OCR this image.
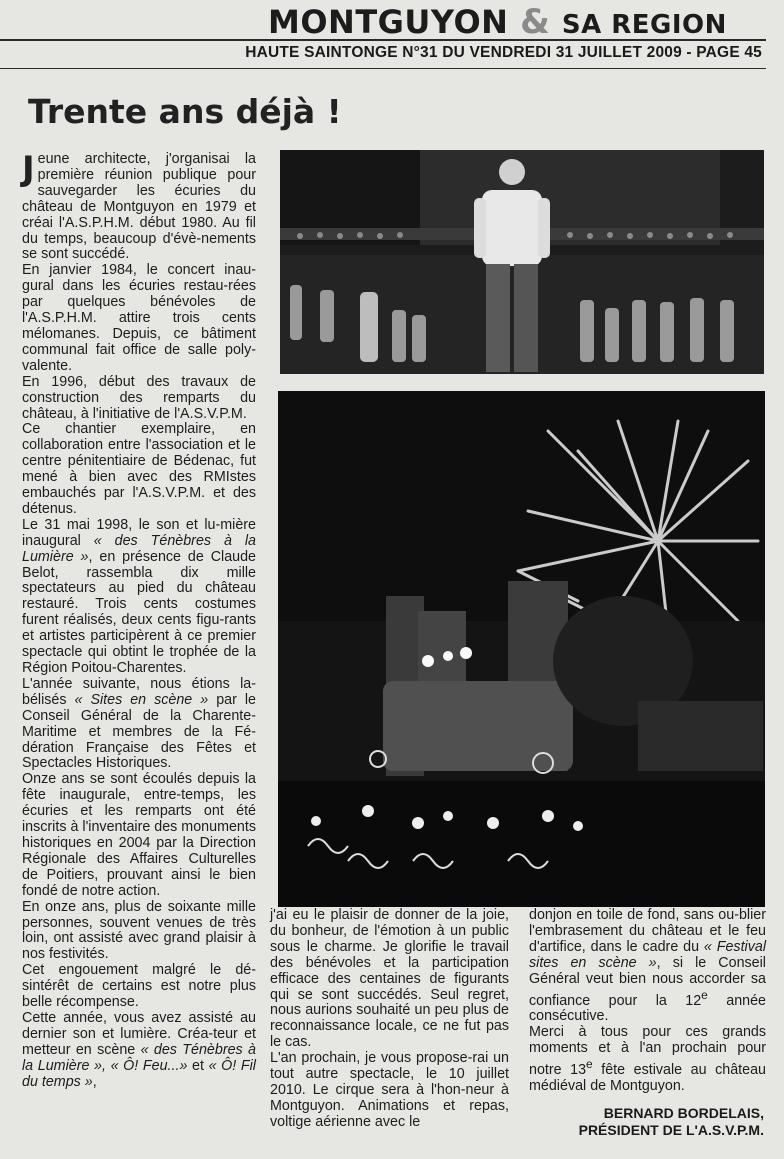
MONTGUYON & SA REGION
HAUTE SAINTONGE N°31 DU VENDREDI 31 JUILLET 2009 - PAGE 45
Trente ans déjà !

Jeune architecte, j'organisai la première réunion publique pour sauvegarder les écuries du château de Montguyon en 1979 et créai l'A.S.P.H.M. début 1980. Au fil du temps, beaucoup d'évè-nements se sont succédé.

En janvier 1984, le concert inau-gural dans les écuries restau-rées par quelques bénévoles de l'A.S.P.H.M. attire trois cents mélomanes. Depuis, ce bâtiment communal fait office de salle poly-valente.

En 1996, début des travaux de construction des remparts du château, à l'initiative de l'A.S.V.P.M.

Ce chantier exemplaire, en collaboration entre l'association et le centre pénitentiaire de Bédenac, fut mené à bien avec des RMIstes embauchés par l'A.S.V.P.M. et des détenus.

Le 31 mai 1998, le son et lu-mière inaugural « des Ténèbres à la Lumière », en présence de Claude Belot, rassembla dix mille spectateurs au pied du château restauré. Trois cents costumes furent réalisés, deux cents figu-rants et artistes participèrent à ce premier spectacle qui obtint le trophée de la Région Poitou-Charentes.

L'année suivante, nous étions la-bélisés « Sites en scène » par le Conseil Général de la Charente-Maritime et membres de la Fé-dération Française des Fêtes et Spectacles Historiques.

Onze ans se sont écoulés depuis la fête inaugurale, entre-temps, les écuries et les remparts ont été inscrits à l'inventaire des monuments historiques en 2004 par la Direction Régionale des Affaires Culturelles de Poitiers, prouvant ainsi le bien fondé de notre action.

En onze ans, plus de soixante mille personnes, souvent venues de très loin, ont assisté avec grand plaisir à nos festivités.

Cet engouement malgré le dé-sintérêt de certains est notre plus belle récompense.

Cette année, vous avez assisté au dernier son et lumière. Créa-teur et metteur en scène « des Ténèbres à la Lumière », « Ô! Feu...» et « Ô! Fil du temps »,

j'ai eu le plaisir de donner de la joie, du bonheur, de l'émotion à un public sous le charme. Je glorifie le travail des bénévoles et la participation efficace des centaines de figurants qui se sont succédés. Seul regret, nous aurions souhaité un peu plus de reconnaissance locale, ce ne fut pas le cas.

L'an prochain, je vous propose-rai un tout autre spectacle, le 10 juillet 2010. Le cirque sera à l'hon-neur à Montguyon. Animations et repas, voltige aérienne avec le

donjon en toile de fond, sans ou-blier l'embrasement du château et le feu d'artifice, dans le cadre du « Festival sites en scène », si le Conseil Général veut bien nous accorder sa confiance pour la 12e année consécutive.

Merci à tous pour ces grands moments et à l'an prochain pour notre 13e fête estivale au château médiéval de Montguyon.

BERNARD BORDELAIS,
PRÉSIDENT DE L'A.S.V.P.M.
